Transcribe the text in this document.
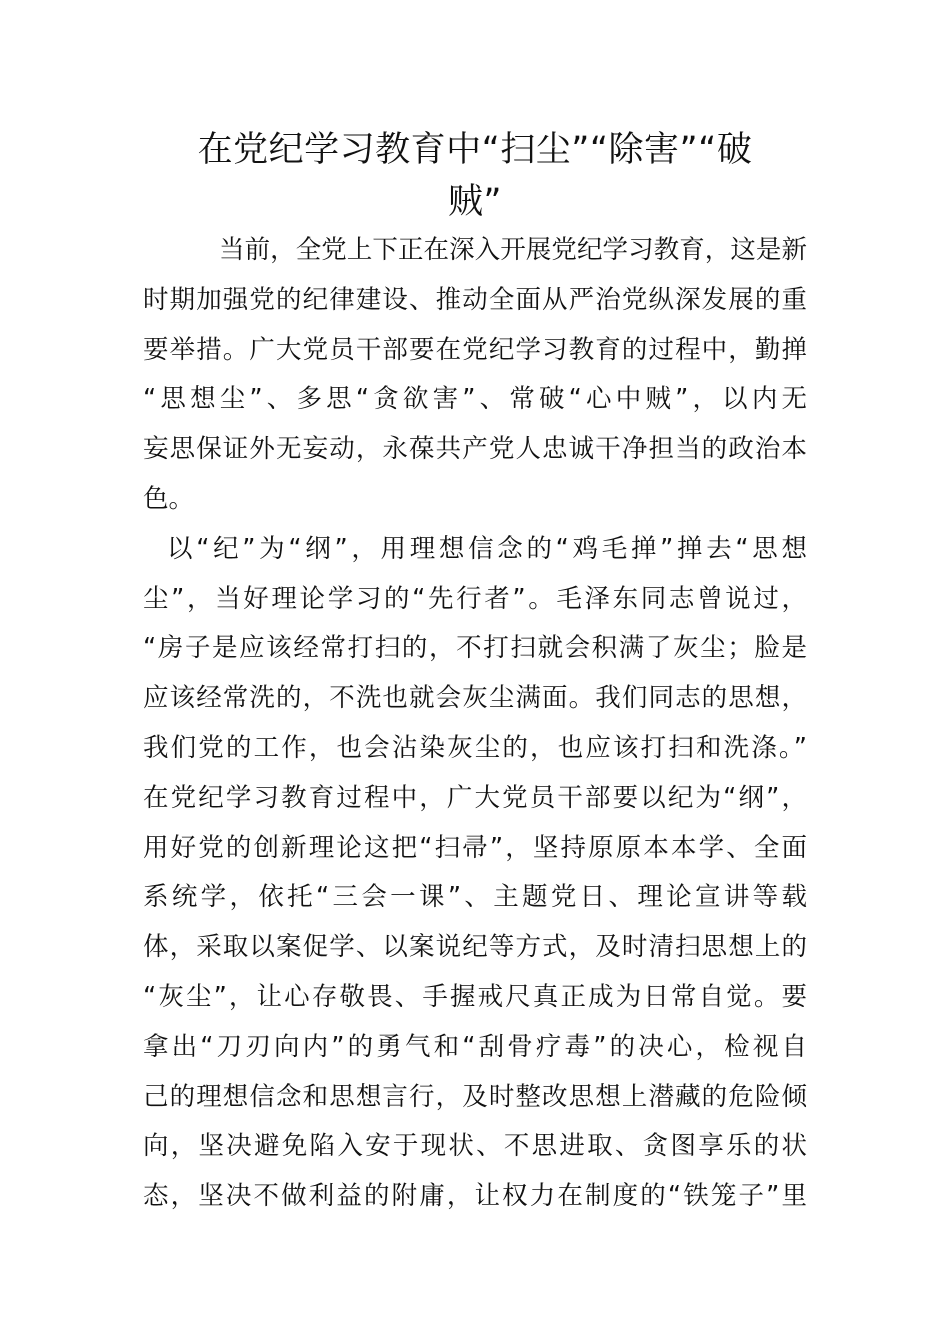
在党纪学习教育中“扫尘”“除害”“破
贼”
当前，全党上下正在深入开展党纪学习教育，这是新
时期加强党的纪律建设、推动全面从严治党纵深发展的重
要举措。广大党员干部要在党纪学习教育的过程中，勤掸
“思想尘”、多思“贪欲害”、常破“心中贼”，以内无
妄思保证外无妄动，永葆共产党人忠诚干净担当的政治本
色。
以“纪”为“纲”，用理想信念的“鸡毛掸”掸去“思想
尘”，当好理论学习的“先行者”。毛泽东同志曾说过，
“房子是应该经常打扫的，不打扫就会积满了灰尘；脸是
应该经常洗的，不洗也就会灰尘满面。我们同志的思想，
我们党的工作，也会沾染灰尘的，也应该打扫和洗涤。”
在党纪学习教育过程中，广大党员干部要以纪为“纲”，
用好党的创新理论这把“扫帚”，坚持原原本本学、全面
系统学，依托“三会一课”、主题党日、理论宣讲等载
体，采取以案促学、以案说纪等方式，及时清扫思想上的
“灰尘”，让心存敬畏、手握戒尺真正成为日常自觉。要
拿出“刀刃向内”的勇气和“刮骨疗毒”的决心，检视自
己的理想信念和思想言行，及时整改思想上潜藏的危险倾
向，坚决避免陷入安于现状、不思进取、贪图享乐的状
态，坚决不做利益的附庸，让权力在制度的“铁笼子”里
